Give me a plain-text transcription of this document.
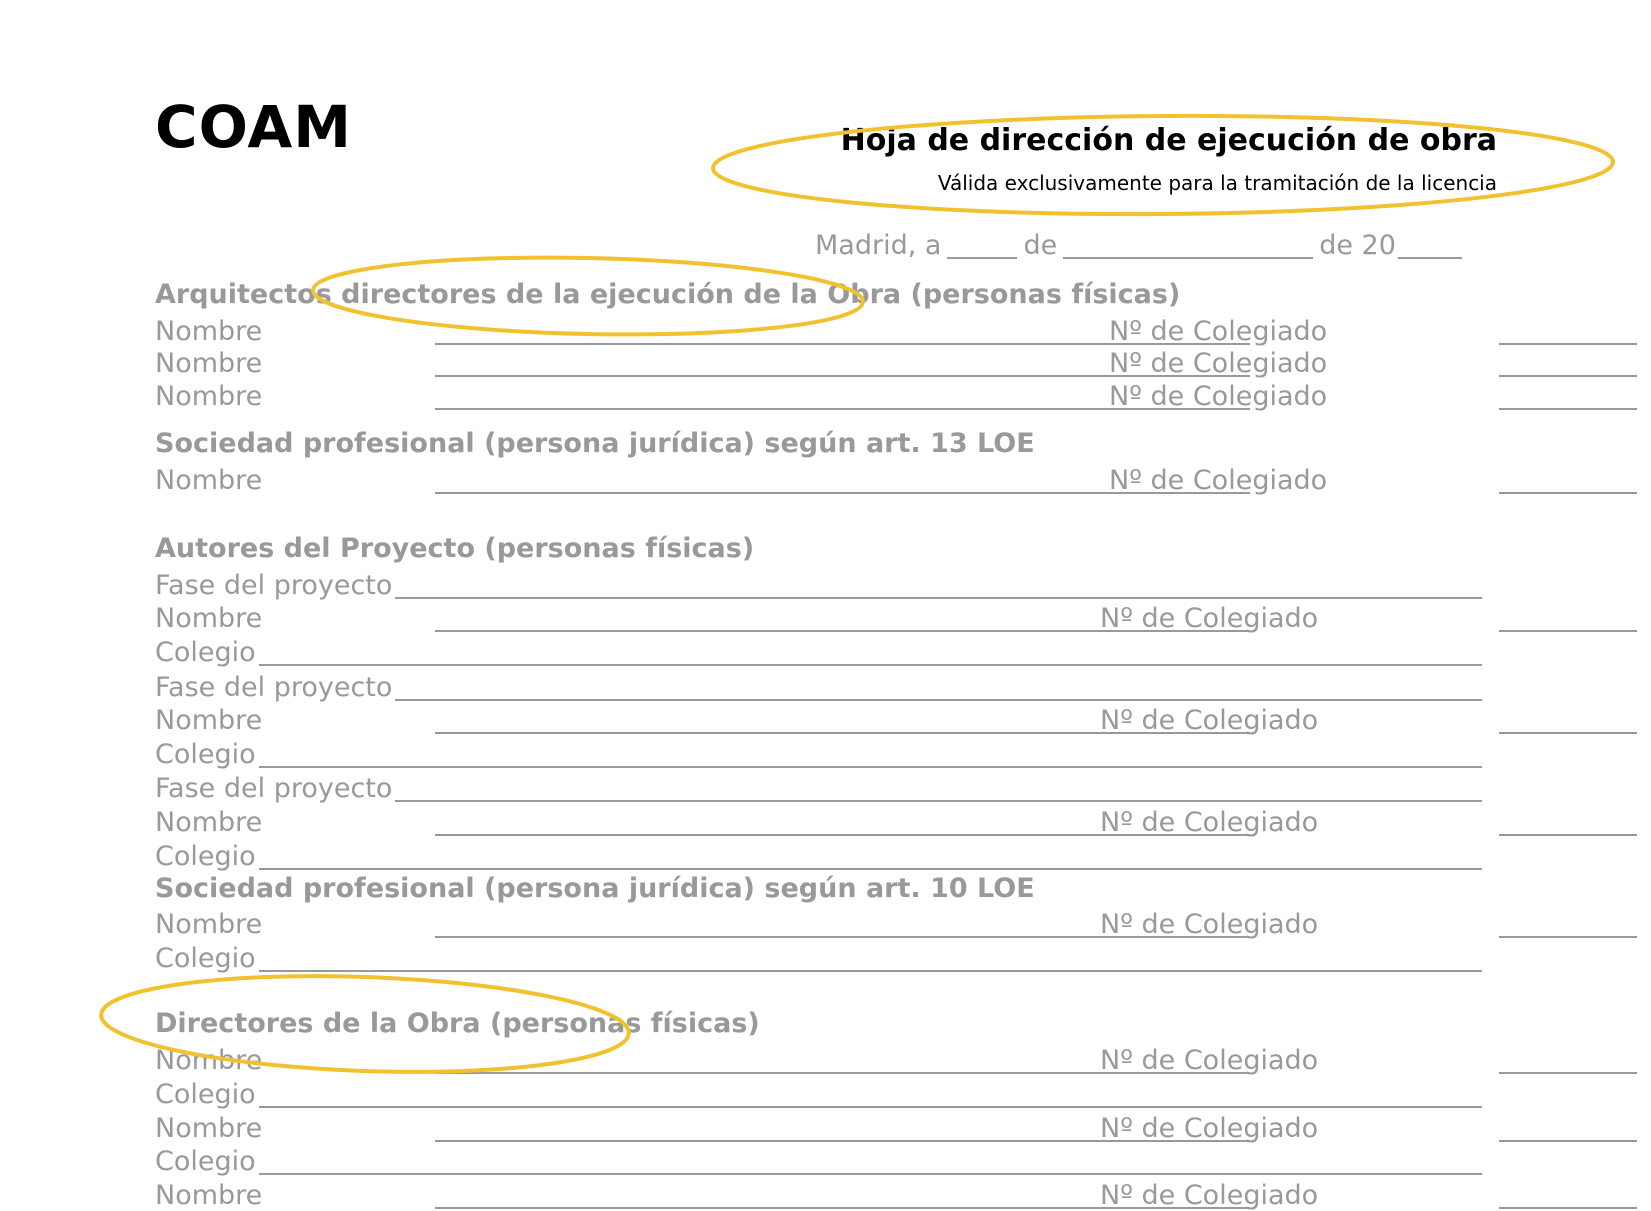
COAM	Hoja de dirección de ejecución de obra
Válida exclusivamente para la tramitación de la licencia
Madrid, a	de	de 20
Arquitectos directores de la ejecución de la Obra (personas físicas)
Nombre	Nº de Colegiado
Nombre	Nº de Colegiado
Nombre	Nº de Colegiado
Sociedad profesional (persona jurídica) según art. 13 LOE
Nombre	Nº de Colegiado
Autores del Proyecto (personas físicas)
Fase del proyecto
Nombre	Nº de Colegiado
Colegio
Fase del proyecto
Nombre	Nº de Colegiado
Colegio
Fase del proyecto
Nombre	Nº de Colegiado
Colegio
Sociedad profesional (persona jurídica) según art. 10 LOE
Nombre	Nº de Colegiado
Colegio
Directores de la Obra (personas físicas)
Nombre	Nº de Colegiado
Colegio
Nombre	Nº de Colegiado
Colegio
Nombre	Nº de Colegiado
